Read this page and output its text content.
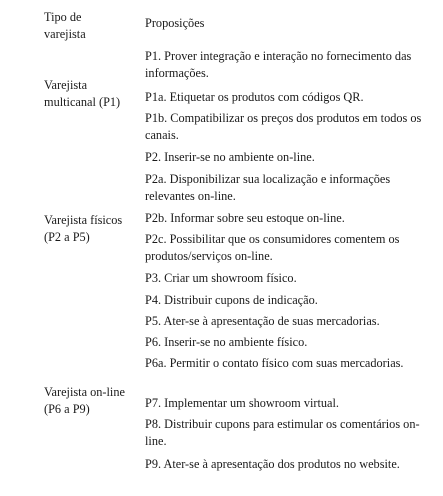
Tipo de varejista
Proposições
Varejista multicanal (P1)
Varejista físicos (P2 a P5)
Varejista on-line (P6 a P9)
P1. Prover integração e interação no fornecimento das informações.
P1a. Etiquetar os produtos com códigos QR.
P1b. Compatibilizar os preços dos produtos em todos os canais.
P2. Inserir-se no ambiente on-line.
P2a. Disponibilizar sua localização e informações relevantes on-line.
P2b. Informar sobre seu estoque on-line.
P2c. Possibilitar que os consumidores comentem os produtos/serviços on-line.
P3. Criar um showroom físico.
P4. Distribuir cupons de indicação.
P5. Ater-se à apresentação de suas mercadorias.
P6. Inserir-se no ambiente físico.
P6a. Permitir o contato físico com suas mercadorias.
P7. Implementar um showroom virtual.
P8. Distribuir cupons para estimular os comentários on-line.
P9. Ater-se à apresentação dos produtos no website.
